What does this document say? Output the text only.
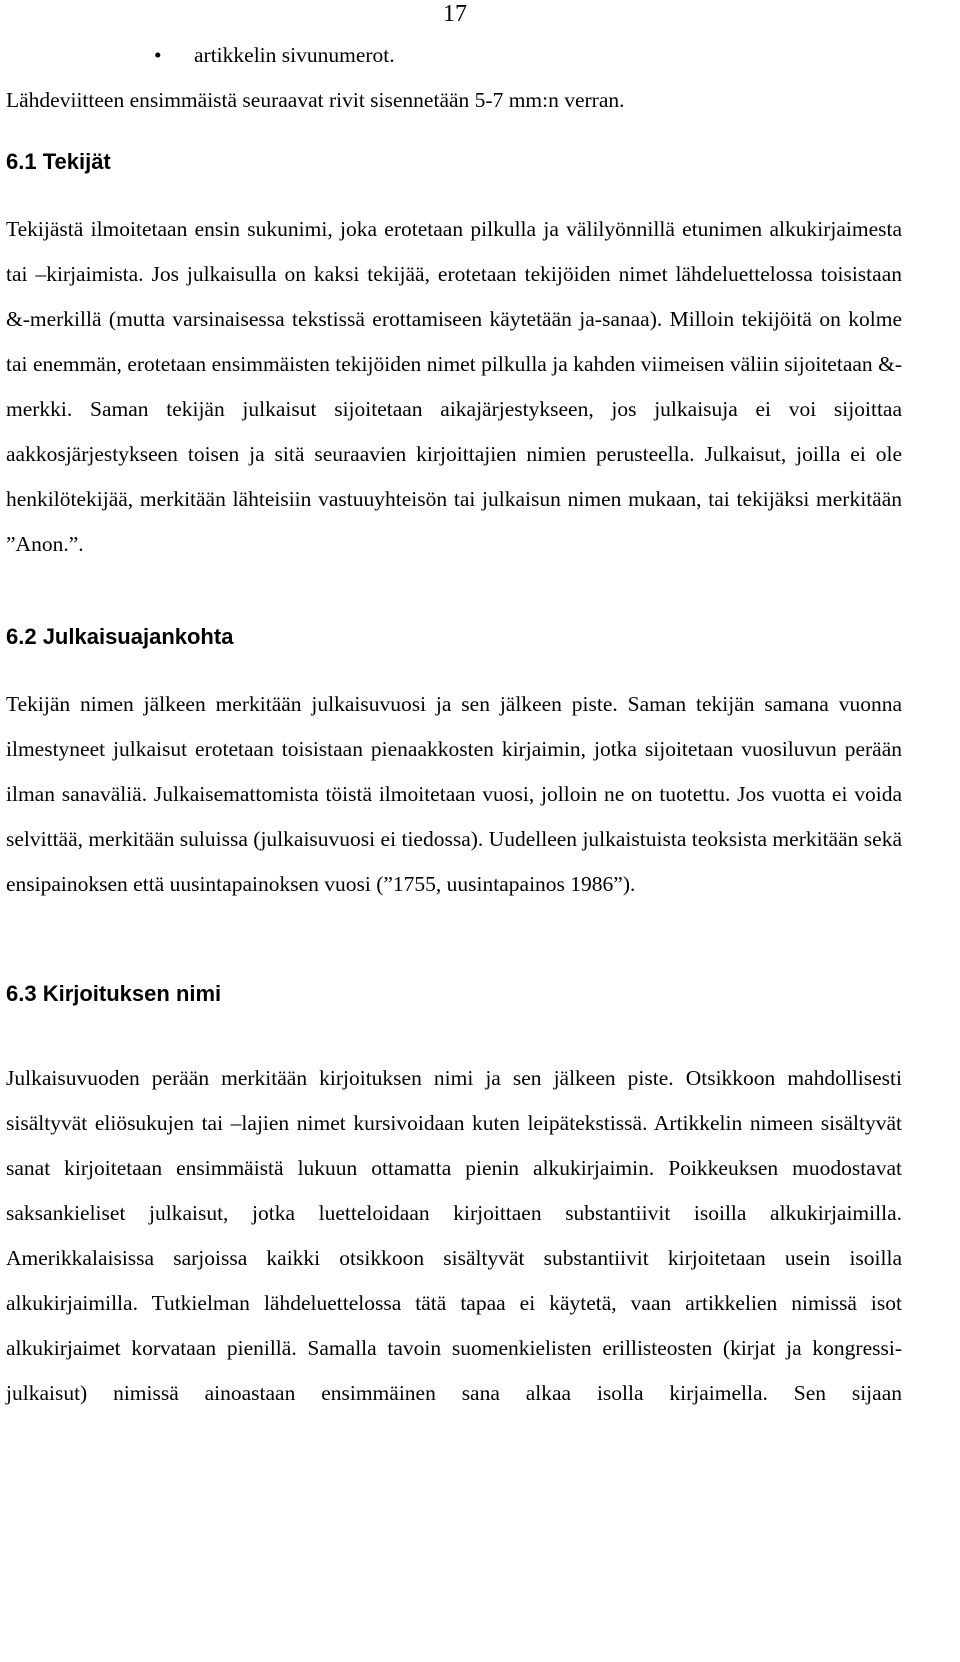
17
• artikkelin sivunumerot.

Lähdeviitteen ensimmäistä seuraavat rivit sisennetään 5-7 mm:n verran.

6.1 Tekijät

Tekijästä ilmoitetaan ensin sukunimi, joka erotetaan pilkulla ja välilyönnillä etunimen alkukirjaimesta tai –kirjaimista. Jos julkaisulla on kaksi tekijää, erotetaan tekijöiden nimet lähdeluettelossa toisistaan &-merkillä (mutta varsinaisessa tekstissä erottamiseen käytetään ja-sanaa). Milloin tekijöitä on kolme tai enemmän, erotetaan ensimmäisten tekijöiden nimet pilkulla ja kahden viimeisen väliin sijoitetaan &-merkki. Saman tekijän julkaisut sijoitetaan aikajärjestykseen, jos julkaisuja ei voi sijoittaa aakkosjärjestykseen toisen ja sitä seuraavien kirjoittajien nimien perusteella. Julkaisut, joilla ei ole henkilötekijää, merkitään lähteisiin vastuuyhteisön tai julkaisun nimen mukaan, tai tekijäksi merkitään ”Anon.”.

6.2 Julkaisuajankohta

Tekijän nimen jälkeen merkitään julkaisuvuosi ja sen jälkeen piste. Saman tekijän samana vuonna ilmestyneet julkaisut erotetaan toisistaan pienaakkosten kirjaimin, jotka sijoitetaan vuosiluvun perään ilman sanaväliä. Julkaisemattomista töistä ilmoitetaan vuosi, jolloin ne on tuotettu. Jos vuotta ei voida selvittää, merkitään suluissa (julkaisuvuosi ei tiedossa). Uudelleen julkaistuista teoksista merkitään sekä ensipainoksen että uusintapainoksen vuosi (”1755, uusintapainos 1986”).

6.3 Kirjoituksen nimi

Julkaisuvuoden perään merkitään kirjoituksen nimi ja sen jälkeen piste. Otsikkoon mahdollisesti sisältyvät eliösukujen tai –lajien nimet kursivoidaan kuten leipätekstissä. Artikkelin nimeen sisältyvät sanat kirjoitetaan ensimmäistä lukuun ottamatta pienin alkukirjaimin. Poikkeuksen muodostavat saksankieliset julkaisut, jotka luetteloidaan kirjoittaen substantiivit isoilla alkukirjaimilla. Amerikkalaisissa sarjoissa kaikki otsikkoon sisältyvät substantiivit kirjoitetaan usein isoilla alkukirjaimilla. Tutkielman lähdeluettelossa tätä tapaa ei käytetä, vaan artikkelien nimissä isot alkukirjaimet korvataan pienillä. Samalla tavoin suomenkielisten erillisteosten (kirjat ja kongressi-julkaisut) nimissä ainoastaan ensimmäinen sana alkaa isolla kirjaimella. Sen sijaan
